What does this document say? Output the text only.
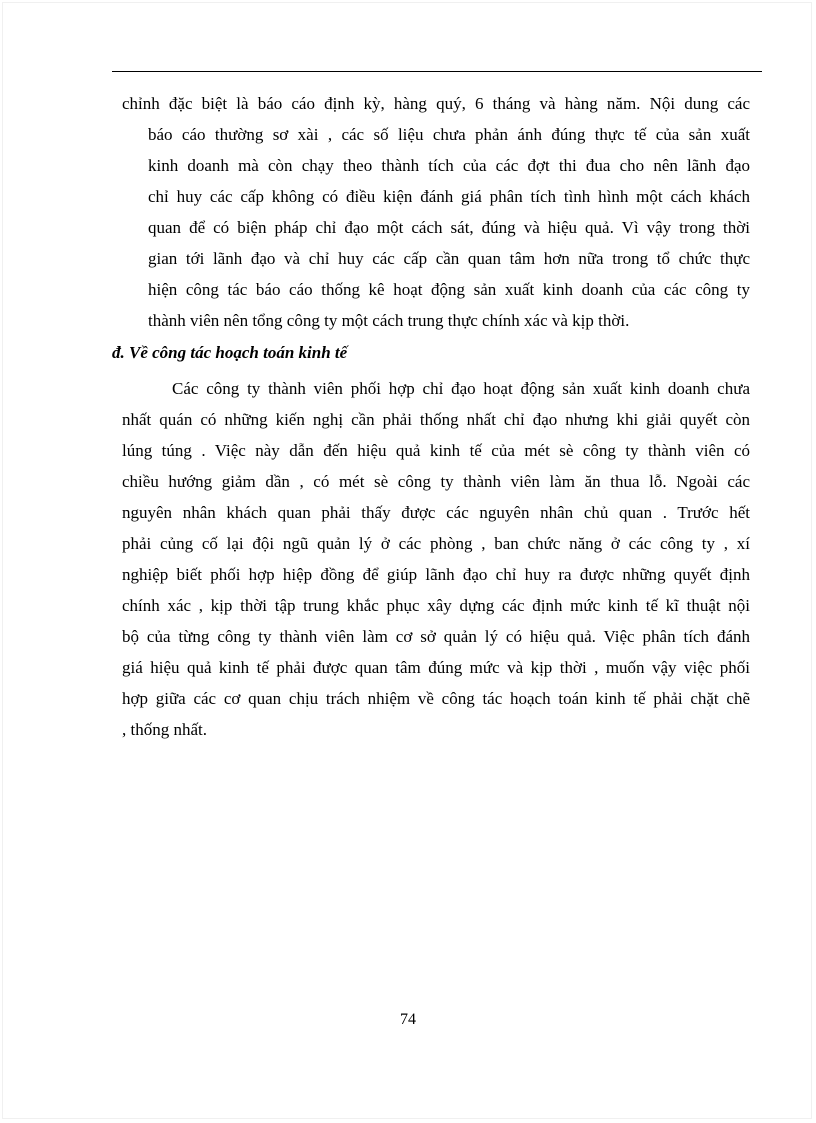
chỉnh đặc biệt là báo cáo định kỳ, hàng quý, 6 tháng và hàng năm. Nội dung các

báo cáo thường sơ xài , các số liệu chưa phản ánh đúng thực tế của sản xuất

kinh doanh mà còn chạy theo thành tích của các đợt thi đua cho nên lãnh đạo

chỉ huy các cấp không có điều kiện đánh giá phân tích tình hình một cách khách

quan để có biện pháp chỉ đạo một cách sát, đúng và hiệu quả. Vì vậy trong thời

gian tới lãnh đạo và chỉ huy các cấp cần quan tâm hơn nữa trong tổ chức thực

hiện công tác báo cáo thống kê hoạt động sản xuất kinh doanh của các công ty

thành viên nên tổng công ty một cách trung thực chính xác và kịp thời.

đ. Về công tác hoạch toán kinh tế

Các công ty thành viên phối hợp chỉ đạo hoạt động sản xuất kinh doanh chưa

nhất quán có những kiến nghị cần phải thống nhất chỉ đạo nhưng khi giải quyết còn

lúng túng . Việc này dẫn đến hiệu quả kinh tế của mét sè công ty thành viên có

chiều hướng giảm dần , có mét sè công ty thành viên làm ăn thua lỗ. Ngoài các

nguyên nhân khách quan phải thấy được các nguyên nhân chủ quan . Trước hết

phải củng cố lại đội ngũ quản lý ở các phòng , ban chức năng ở các công ty , xí

nghiệp biết phối hợp hiệp đồng để giúp lãnh đạo chỉ huy ra được những quyết định

chính xác , kịp thời tập trung khắc phục xây dựng các định mức kinh tế kĩ thuật nội

bộ của từng công ty thành viên làm cơ sở quản lý có hiệu quả. Việc phân tích đánh

giá hiệu quả kinh tế phải được quan tâm đúng mức và kịp thời , muốn vậy việc phối

hợp giữa các cơ quan chịu trách nhiệm về công tác hoạch toán kinh tế phải chặt chẽ

, thống nhất.

74
